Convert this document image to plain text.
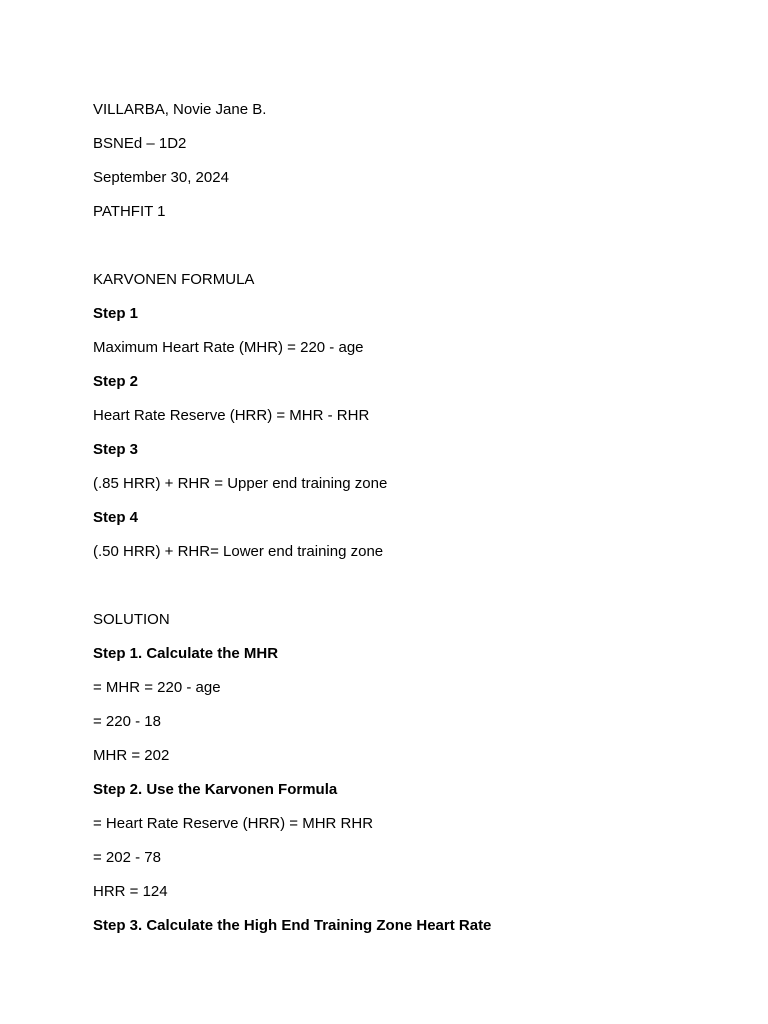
VILLARBA, Novie Jane B.
BSNEd – 1D2
September 30, 2024
PATHFIT 1
KARVONEN FORMULA
Step 1
Maximum Heart Rate (MHR) = 220 - age
Step 2
Heart Rate Reserve (HRR) = MHR - RHR
Step 3
(.85 HRR) + RHR = Upper end training zone
Step 4
(.50 HRR) + RHR= Lower end training zone
SOLUTION
Step 1. Calculate the MHR
= MHR = 220 - age
= 220 - 18
MHR = 202
Step 2. Use the Karvonen Formula
= Heart Rate Reserve (HRR) = MHR RHR
= 202 - 78
HRR = 124
Step 3. Calculate the High End Training Zone Heart Rate
